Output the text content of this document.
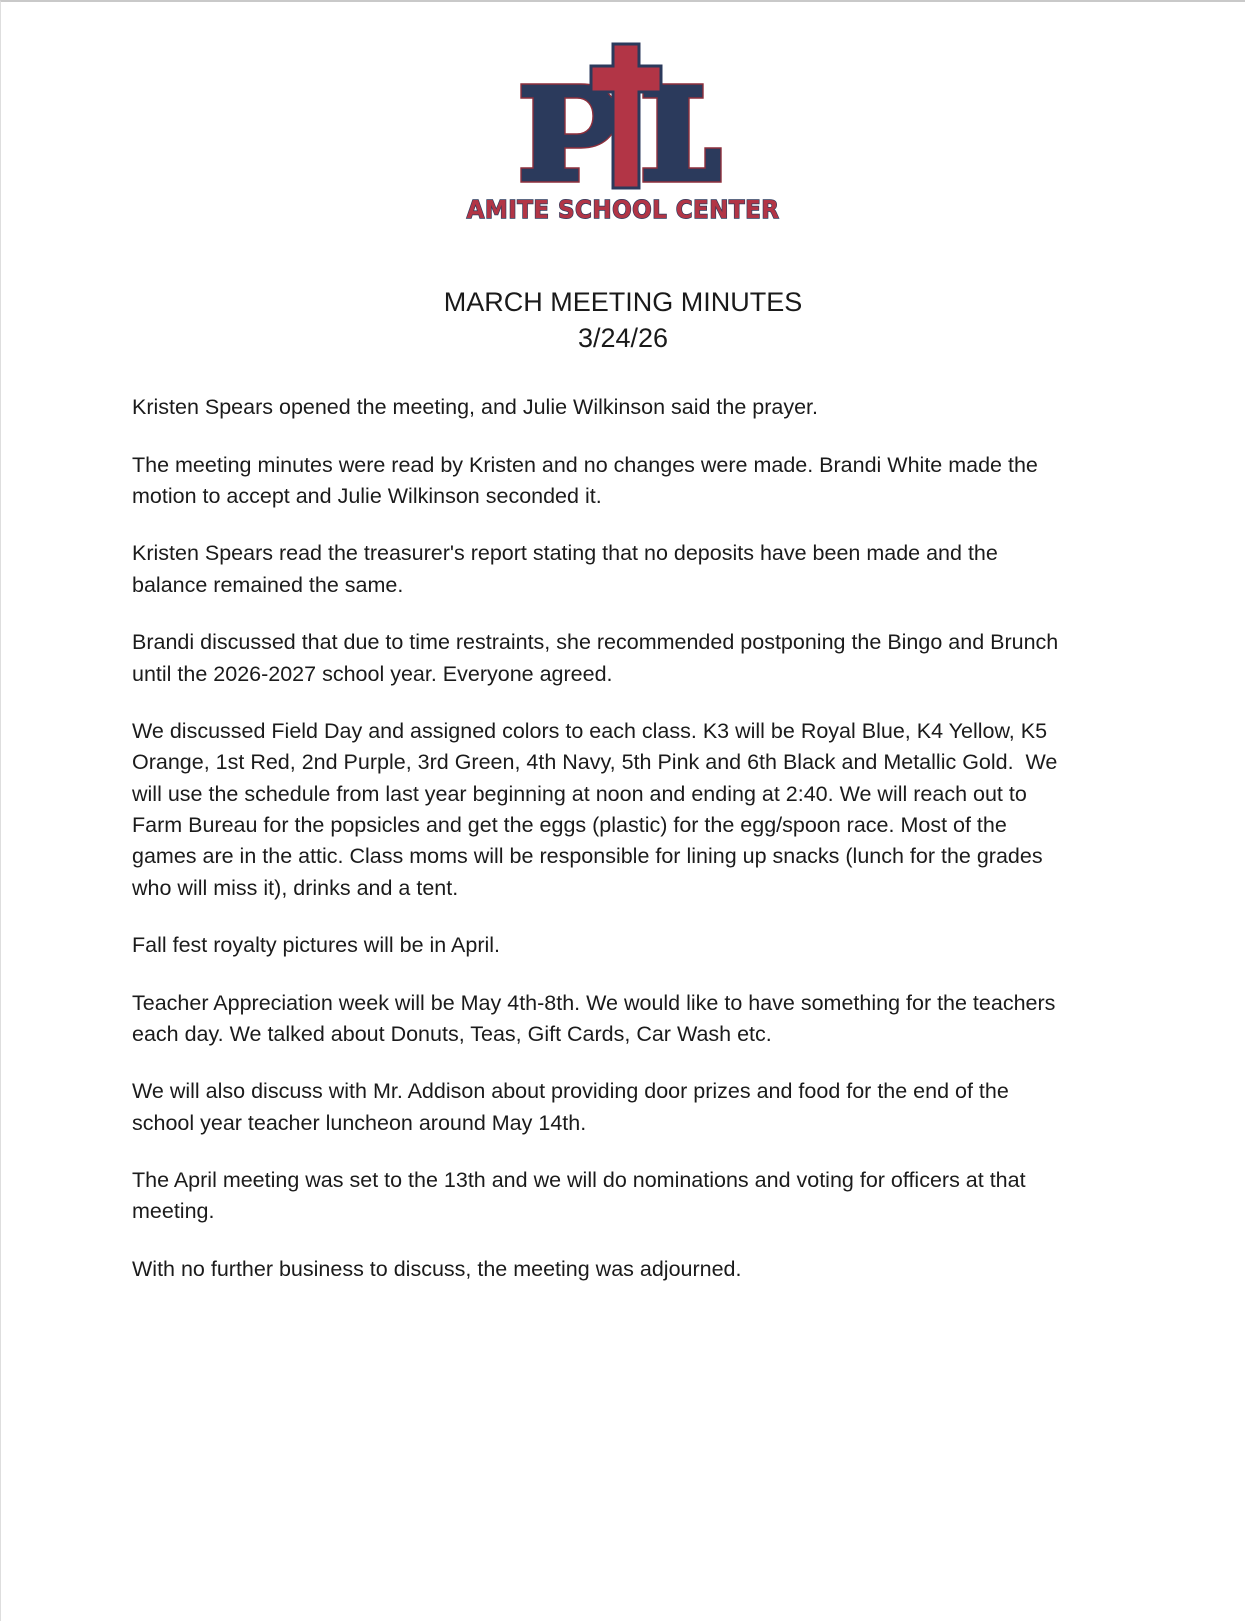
AMITE SCHOOL CENTER
MARCH MEETING MINUTES
3/24/26

Kristen Spears opened the meeting, and Julie Wilkinson said the prayer.

The meeting minutes were read by Kristen and no changes were made. Brandi White made the motion to accept and Julie Wilkinson seconded it.

Kristen Spears read the treasurer's report stating that no deposits have been made and the balance remained the same.

Brandi discussed that due to time restraints, she recommended postponing the Bingo and Brunch until the 2026-2027 school year. Everyone agreed.

We discussed Field Day and assigned colors to each class. K3 will be Royal Blue, K4 Yellow, K5 Orange, 1st Red, 2nd Purple, 3rd Green, 4th Navy, 5th Pink and 6th Black and Metallic Gold.  We will use the schedule from last year beginning at noon and ending at 2:40. We will reach out to Farm Bureau for the popsicles and get the eggs (plastic) for the egg/spoon race. Most of the games are in the attic. Class moms will be responsible for lining up snacks (lunch for the grades who will miss it), drinks and a tent.

Fall fest royalty pictures will be in April.

Teacher Appreciation week will be May 4th-8th. We would like to have something for the teachers each day. We talked about Donuts, Teas, Gift Cards, Car Wash etc.

We will also discuss with Mr. Addison about providing door prizes and food for the end of the school year teacher luncheon around May 14th.

The April meeting was set to the 13th and we will do nominations and voting for officers at that meeting.

With no further business to discuss, the meeting was adjourned.
